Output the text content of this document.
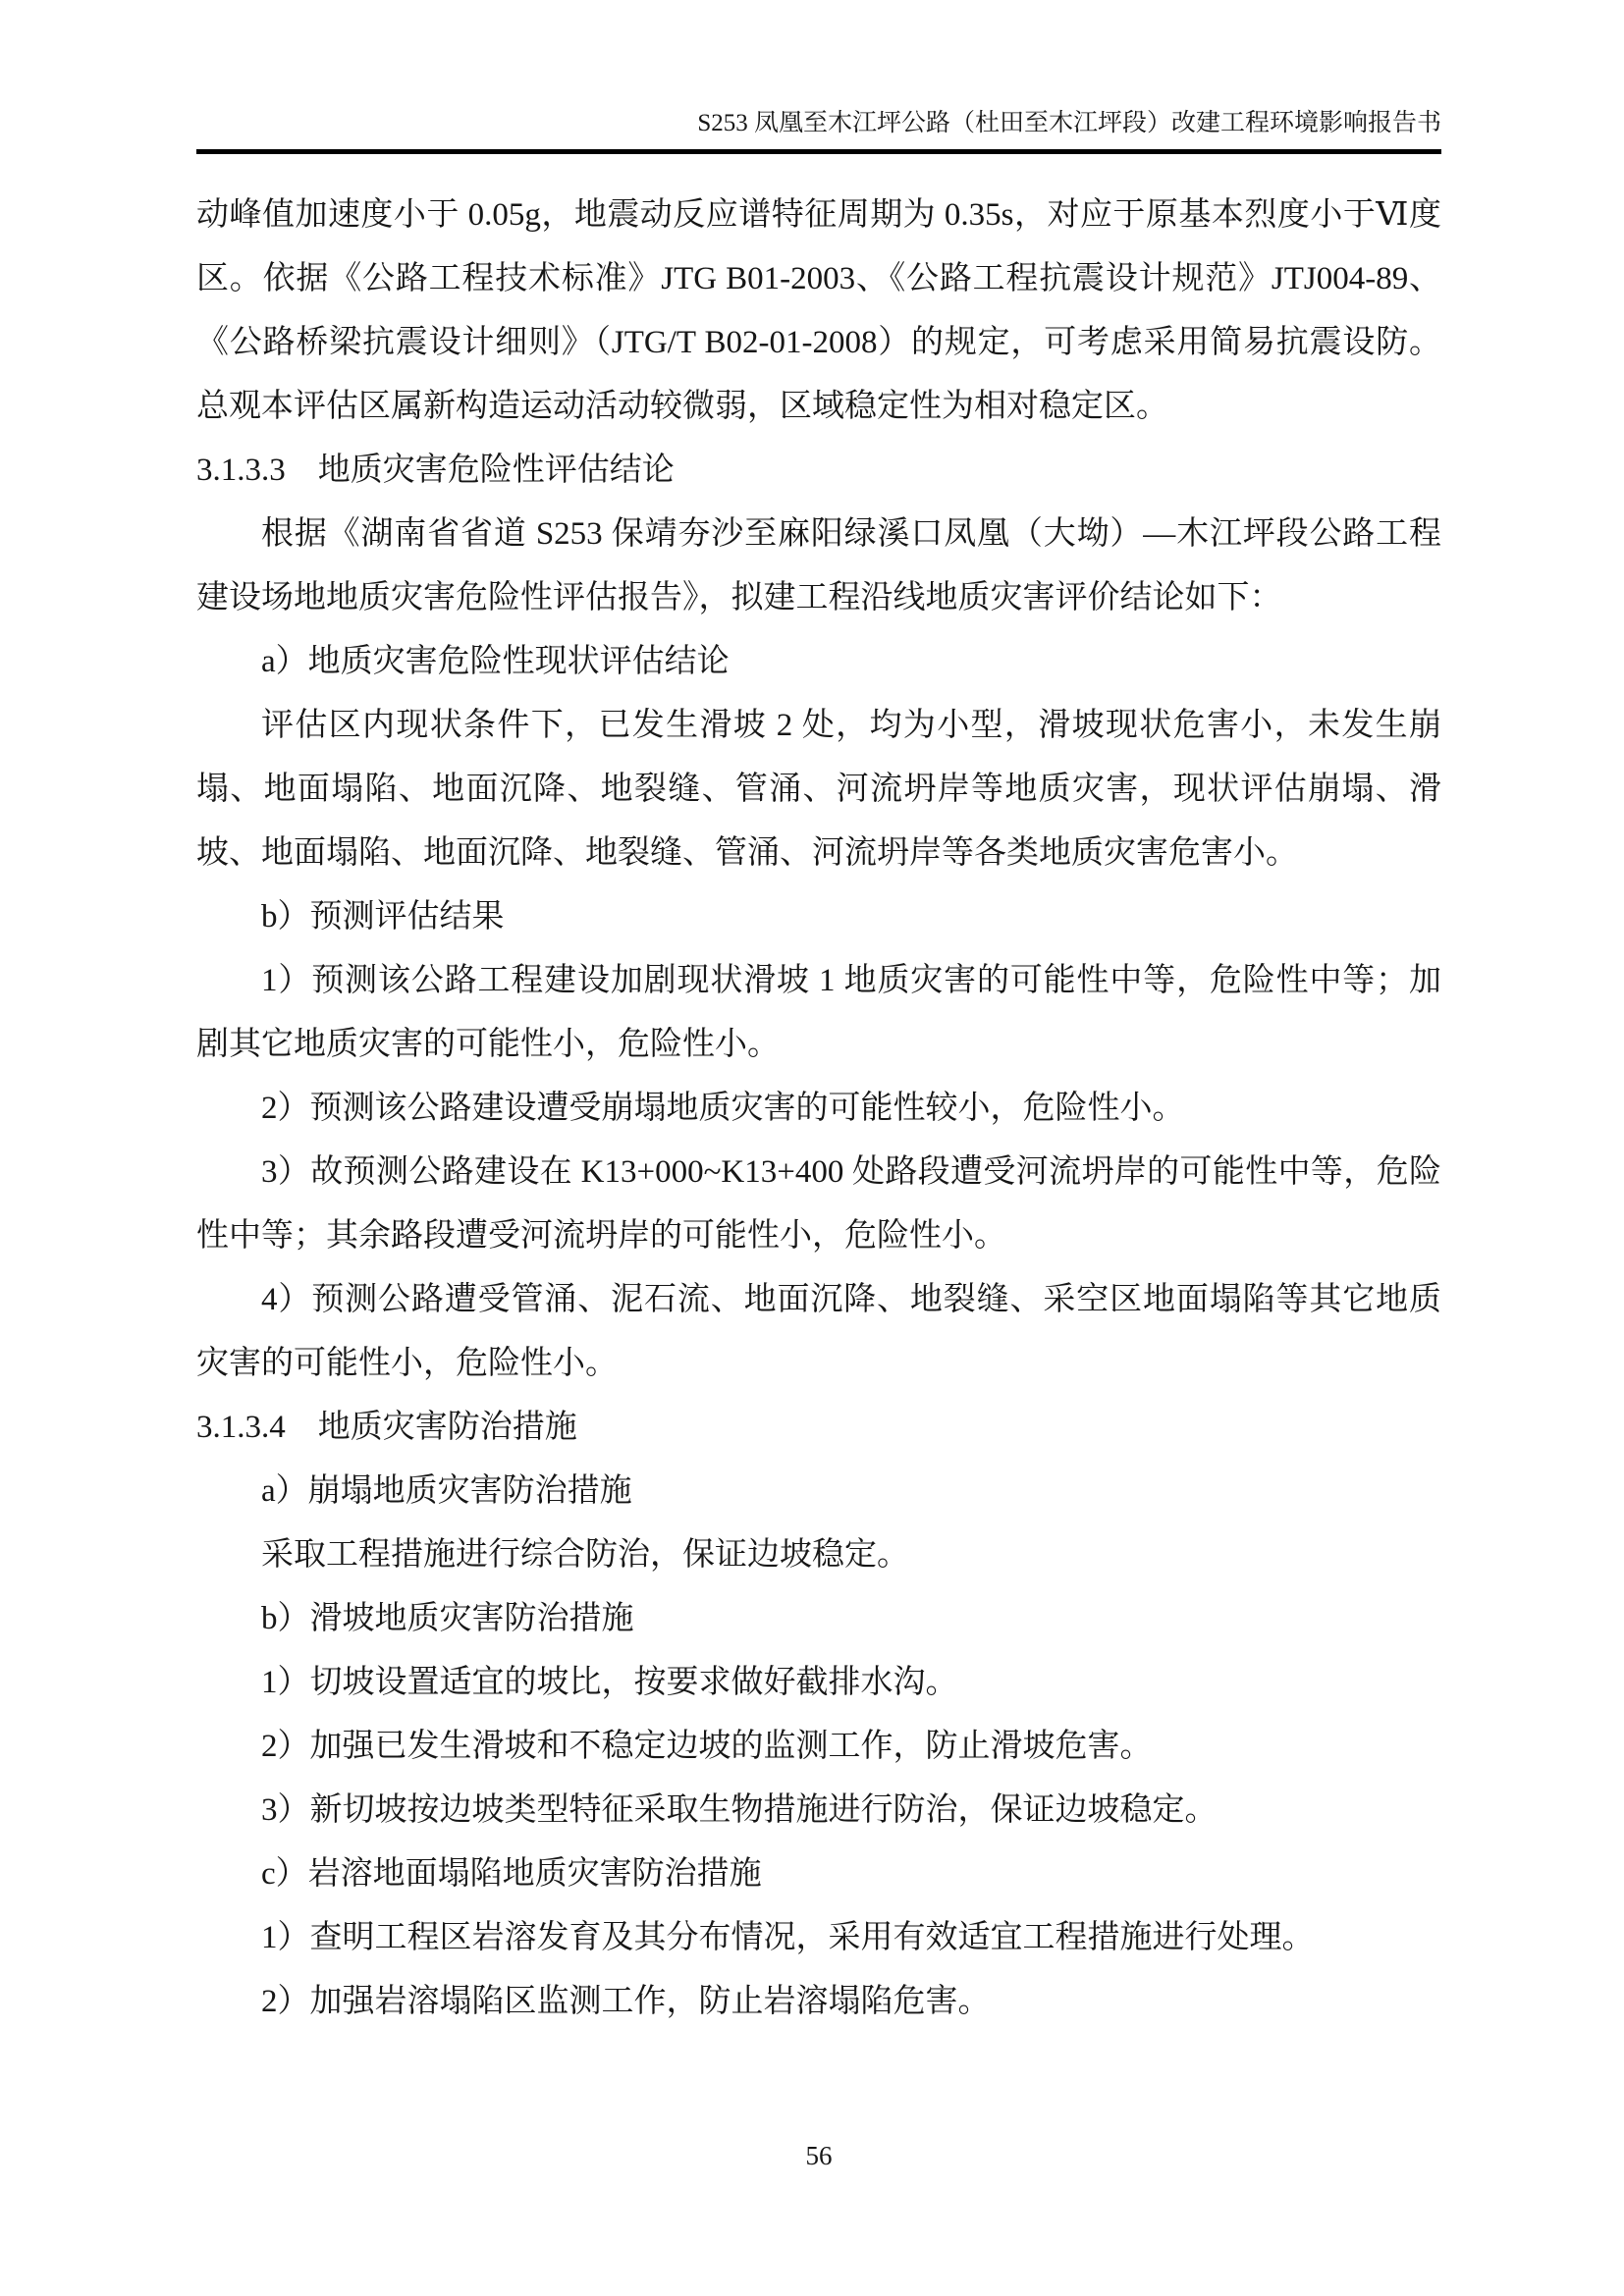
S253 凤凰至木江坪公路（杜田至木江坪段）改建工程环境影响报告书

动峰值加速度小于 0.05g，地震动反应谱特征周期为 0.35s，对应于原基本烈度小于Ⅵ度区。依据《公路工程技术标准》JTG B01-2003、《公路工程抗震设计规范》JTJ004-89、《公路桥梁抗震设计细则》（JTG/T B02-01-2008）的规定，可考虑采用简易抗震设防。总观本评估区属新构造运动活动较微弱，区域稳定性为相对稳定区。

3.1.3.3　地质灾害危险性评估结论

根据《湖南省省道 S253 保靖夯沙至麻阳绿溪口凤凰（大坳）—木江坪段公路工程建设场地地质灾害危险性评估报告》，拟建工程沿线地质灾害评价结论如下：

a）地质灾害危险性现状评估结论

评估区内现状条件下，已发生滑坡 2 处，均为小型，滑坡现状危害小，未发生崩塌、地面塌陷、地面沉降、地裂缝、管涌、河流坍岸等地质灾害，现状评估崩塌、滑坡、地面塌陷、地面沉降、地裂缝、管涌、河流坍岸等各类地质灾害危害小。

b）预测评估结果

1）预测该公路工程建设加剧现状滑坡 1 地质灾害的可能性中等，危险性中等；加剧其它地质灾害的可能性小，危险性小。

2）预测该公路建设遭受崩塌地质灾害的可能性较小，危险性小。

3）故预测公路建设在 K13+000~K13+400 处路段遭受河流坍岸的可能性中等，危险性中等；其余路段遭受河流坍岸的可能性小，危险性小。

4）预测公路遭受管涌、泥石流、地面沉降、地裂缝、采空区地面塌陷等其它地质灾害的可能性小，危险性小。

3.1.3.4　地质灾害防治措施

a）崩塌地质灾害防治措施

采取工程措施进行综合防治，保证边坡稳定。

b）滑坡地质灾害防治措施

1）切坡设置适宜的坡比，按要求做好截排水沟。

2）加强已发生滑坡和不稳定边坡的监测工作，防止滑坡危害。

3）新切坡按边坡类型特征采取生物措施进行防治，保证边坡稳定。

c）岩溶地面塌陷地质灾害防治措施

1）查明工程区岩溶发育及其分布情况，采用有效适宜工程措施进行处理。

2）加强岩溶塌陷区监测工作，防止岩溶塌陷危害。

56
